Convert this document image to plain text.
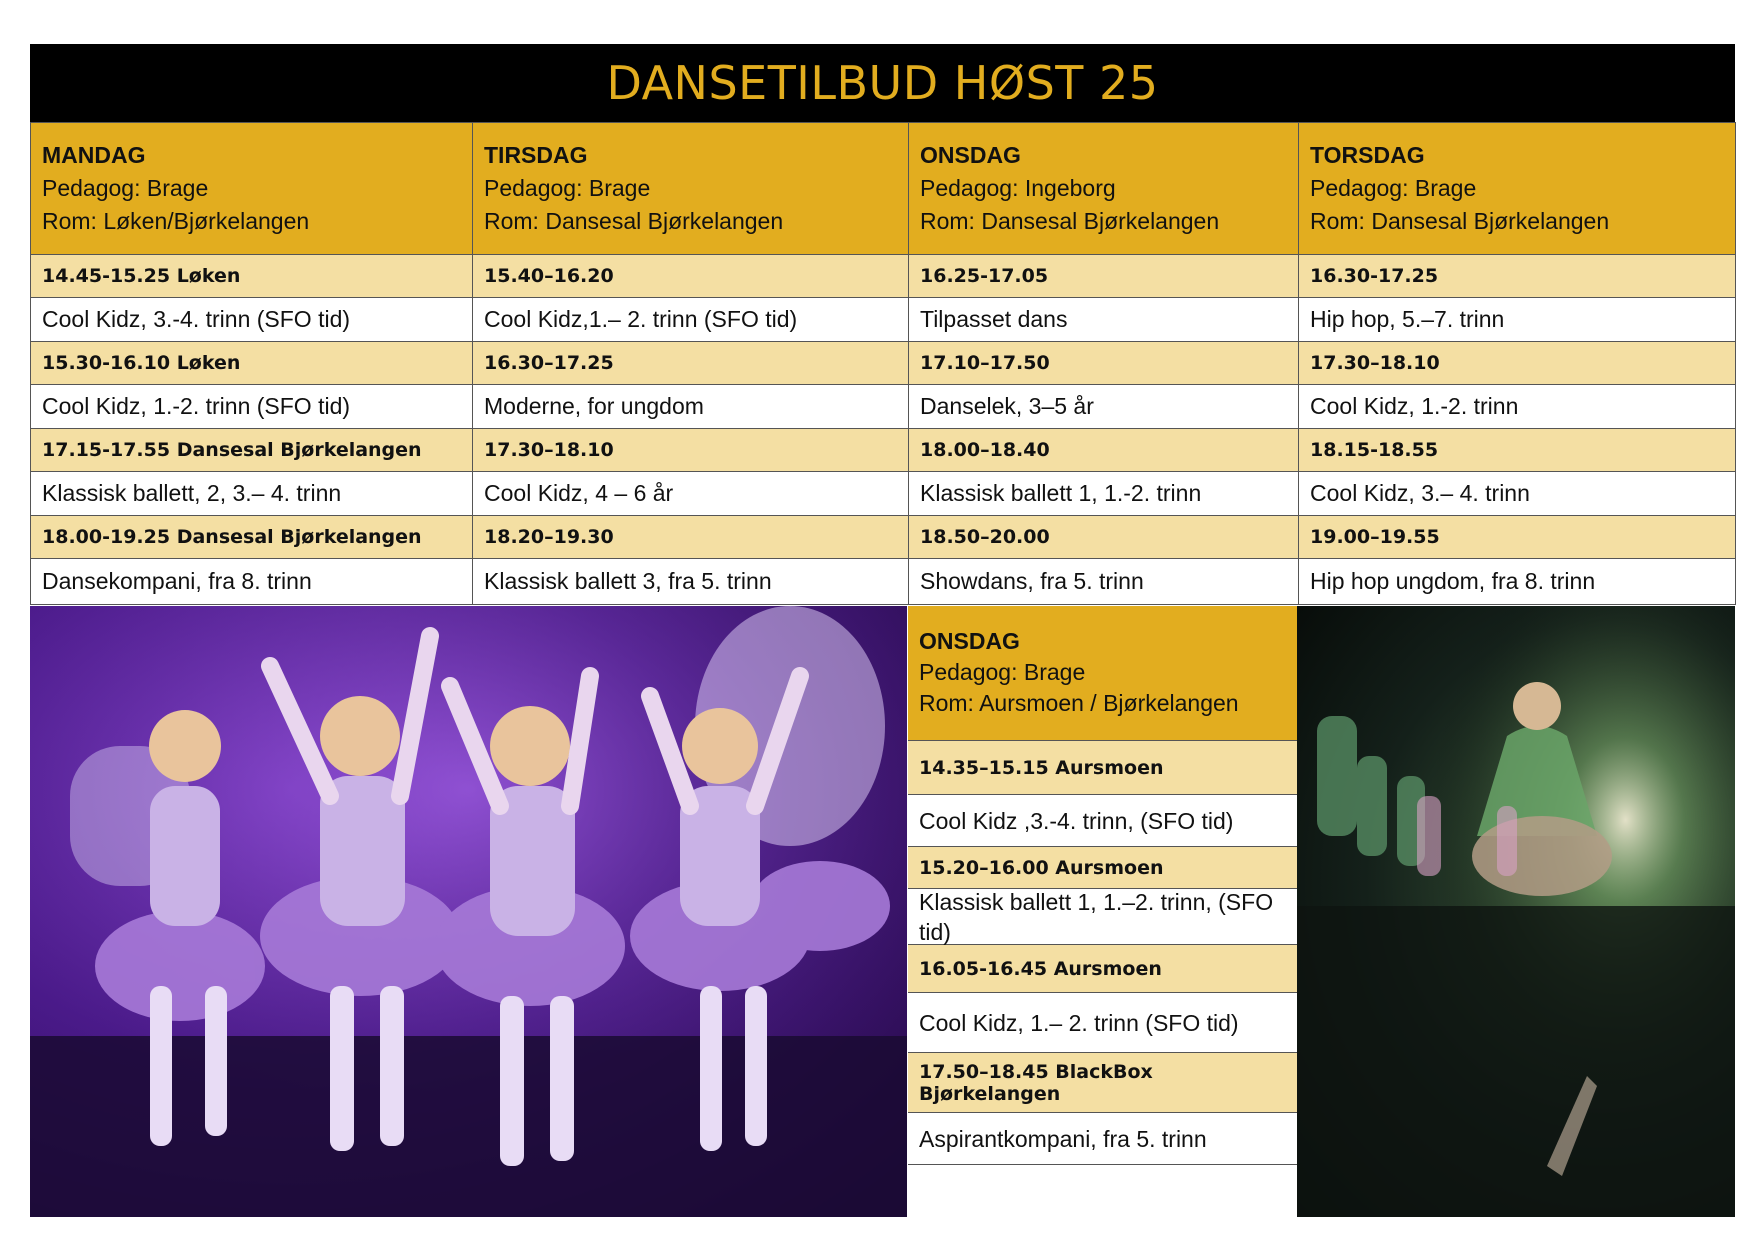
DANSETILBUD HØST 25
MANDAG
Pedagog: Brage
Rom: Løken/Bjørkelangen	TIRSDAG
Pedagog: Brage
Rom: Dansesal Bjørkelangen	ONSDAG
Pedagog: Ingeborg
Rom: Dansesal Bjørkelangen	TORSDAG
Pedagog: Brage
Rom: Dansesal Bjørkelangen
14.45-15.25 Løken	15.40–16.20	16.25-17.05	16.30-17.25
Cool Kidz, 3.-4. trinn (SFO tid)	Cool Kidz,1.– 2. trinn (SFO tid)	Tilpasset dans	Hip hop, 5.–7. trinn
15.30-16.10 Løken	16.30–17.25	17.10–17.50	17.30–18.10
Cool Kidz, 1.-2. trinn (SFO tid)	Moderne, for ungdom	Danselek, 3–5 år	Cool Kidz, 1.-2. trinn
17.15-17.55 Dansesal Bjørkelangen	17.30–18.10	18.00–18.40	18.15-18.55
Klassisk ballett, 2, 3.– 4. trinn	Cool Kidz, 4 – 6 år	Klassisk ballett 1, 1.-2. trinn	Cool Kidz, 3.– 4. trinn
18.00-19.25 Dansesal Bjørkelangen	18.20–19.30	18.50–20.00	19.00–19.55
Dansekompani, fra 8. trinn	Klassisk ballett 3, fra 5. trinn	Showdans, fra 5. trinn	Hip hop ungdom, fra 8. trinn
ONSDAG
Pedagog: Brage
Rom: Aursmoen / Bjørkelangen
14.35–15.15 Aursmoen
Cool Kidz ,3.-4. trinn, (SFO tid)
15.20–16.00 Aursmoen
Klassisk ballett 1, 1.–2. trinn, (SFO tid)
16.05-16.45 Aursmoen
Cool Kidz, 1.– 2. trinn (SFO tid)
17.50–18.45 BlackBox Bjørkelangen
Aspirantkompani, fra 5. trinn
